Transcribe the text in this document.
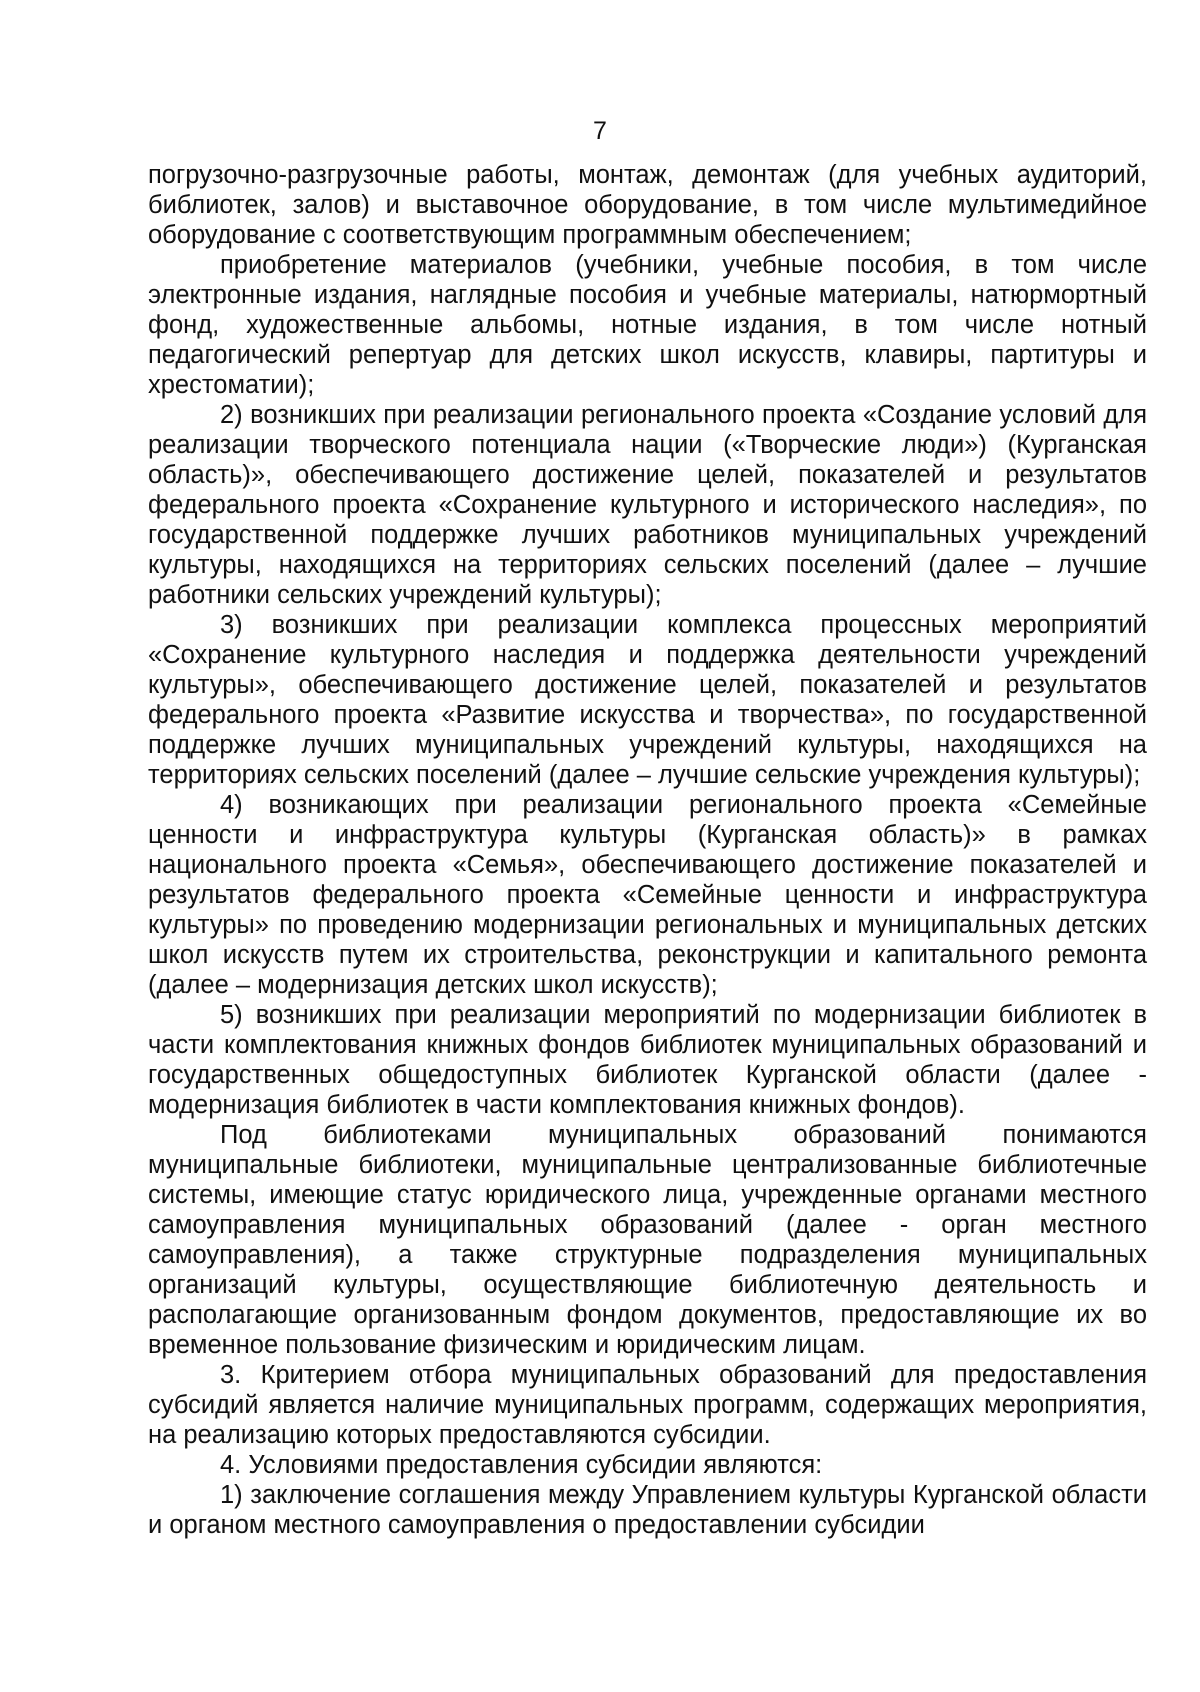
7

погрузочно-разгрузочные работы, монтаж, демонтаж (для учебных аудиторий, библиотек, залов) и выставочное оборудование, в том числе мультимедийное оборудование с соответствующим программным обеспечением;

приобретение материалов (учебники, учебные пособия, в том числе электронные издания, наглядные пособия и учебные материалы, натюрмортный фонд, художественные альбомы, нотные издания, в том числе нотный педагогический репертуар для детских школ искусств, клавиры, партитуры и хрестоматии);

2) возникших при реализации регионального проекта «Создание условий для реализации творческого потенциала нации («Творческие люди») (Курганская область)», обеспечивающего достижение целей, показателей и результатов федерального проекта «Сохранение культурного и исторического наследия», по государственной поддержке лучших работников муниципальных учреждений культуры, находящихся на территориях сельских поселений (далее – лучшие работники сельских учреждений культуры);

3) возникших при реализации комплекса процессных мероприятий «Сохранение культурного наследия и поддержка деятельности учреждений культуры», обеспечивающего достижение целей, показателей и результатов федерального проекта «Развитие искусства и творчества», по государственной поддержке лучших муниципальных учреждений культуры, находящихся на территориях сельских поселений (далее – лучшие сельские учреждения культуры);

4) возникающих при реализации регионального проекта «Семейные ценности и инфраструктура культуры (Курганская область)» в рамках национального проекта «Семья», обеспечивающего достижение показателей и результатов федерального проекта «Семейные ценности и инфраструктура культуры» по проведению модернизации региональных и муниципальных детских школ искусств путем их строительства, реконструкции и капитального ремонта (далее – модернизация детских школ искусств);

5) возникших при реализации мероприятий по модернизации библиотек в части комплектования книжных фондов библиотек муниципальных образований и государственных общедоступных библиотек Курганской области (далее - модернизация библиотек в части комплектования книжных фондов).

Под библиотеками муниципальных образований понимаются муниципальные библиотеки, муниципальные централизованные библиотечные системы, имеющие статус юридического лица, учрежденные органами местного самоуправления муниципальных образований (далее - орган местного самоуправления), а также структурные подразделения муниципальных организаций культуры, осуществляющие библиотечную деятельность и располагающие организованным фондом документов, предоставляющие их во временное пользование физическим и юридическим лицам.

3. Критерием отбора муниципальных образований для предоставления субсидий является наличие муниципальных программ, содержащих мероприятия, на реализацию которых предоставляются субсидии.

4. Условиями предоставления субсидии являются:

1) заключение соглашения между Управлением культуры Курганской области и органом местного самоуправления о предоставлении субсидии
